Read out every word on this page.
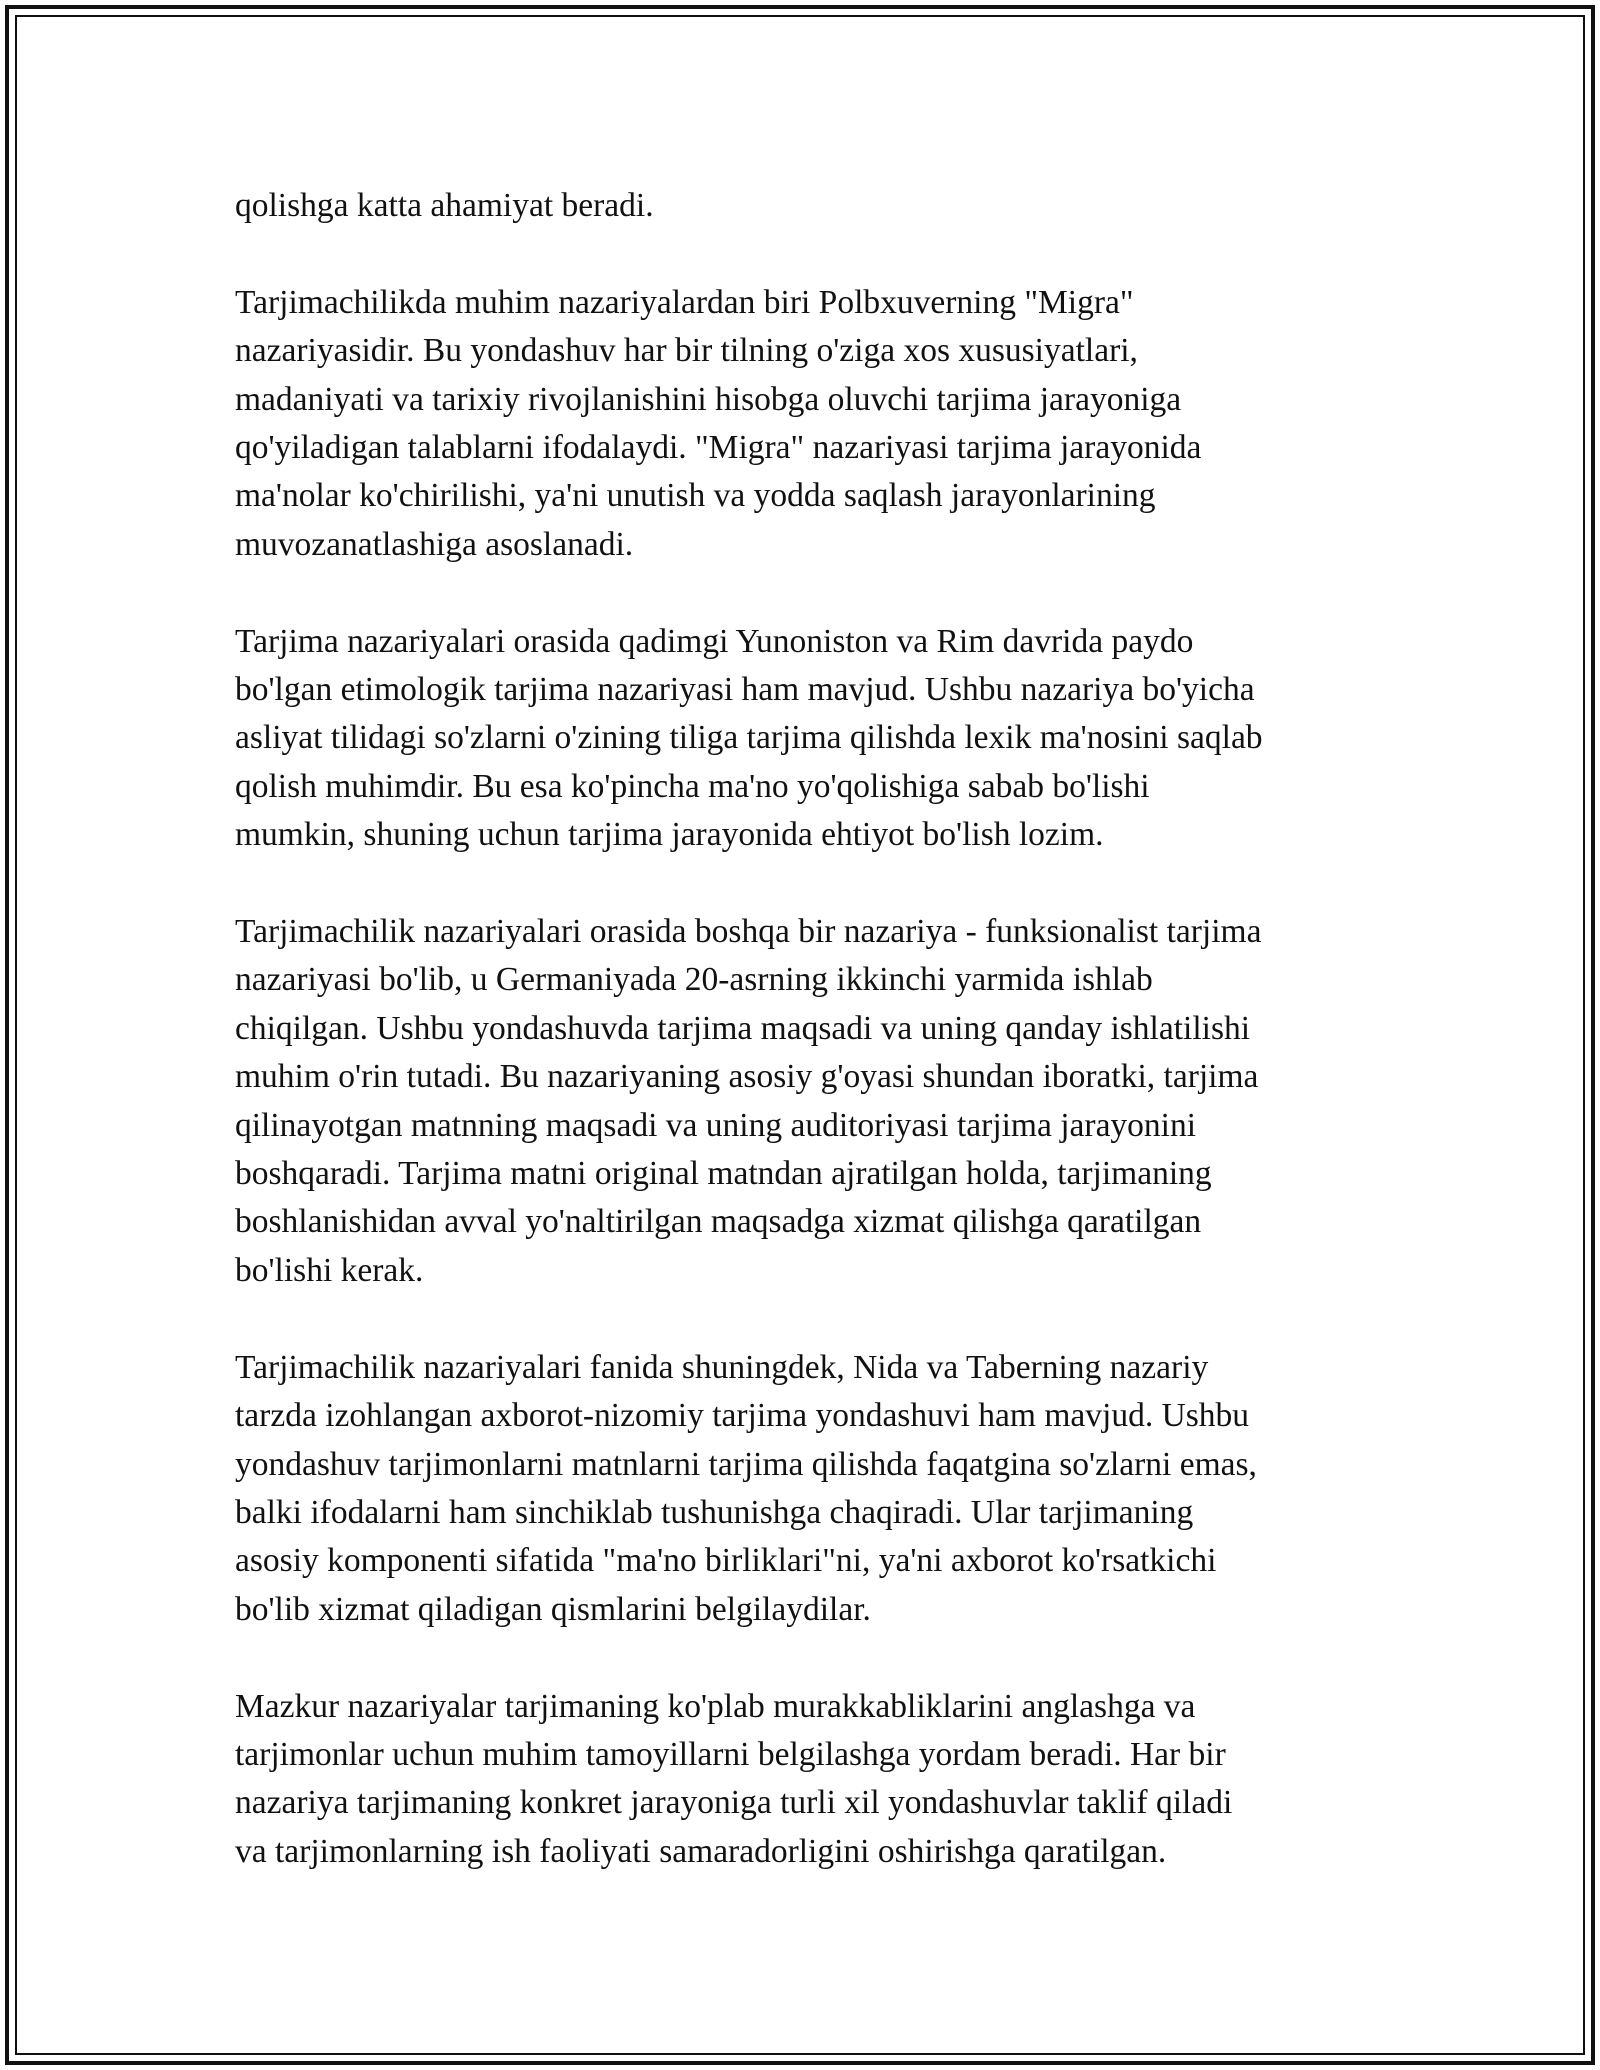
qolishga katta ahamiyat beradi.

Tarjimachilikda muhim nazariyalardan biri Polbxuverning "Migra"
nazariyasidir. Bu yondashuv har bir tilning o'ziga xos xususiyatlari,
madaniyati va tarixiy rivojlanishini hisobga oluvchi tarjima jarayoniga
qo'yiladigan talablarni ifodalaydi. "Migra" nazariyasi tarjima jarayonida
ma'nolar ko'chirilishi, ya'ni unutish va yodda saqlash jarayonlarining
muvozanatlashiga asoslanadi.

Tarjima nazariyalari orasida qadimgi Yunoniston va Rim davrida paydo
bo'lgan etimologik tarjima nazariyasi ham mavjud. Ushbu nazariya bo'yicha
asliyat tilidagi so'zlarni o'zining tiliga tarjima qilishda lexik ma'nosini saqlab
qolish muhimdir. Bu esa ko'pincha ma'no yo'qolishiga sabab bo'lishi
mumkin, shuning uchun tarjima jarayonida ehtiyot bo'lish lozim.

Tarjimachilik nazariyalari orasida boshqa bir nazariya - funksionalist tarjima
nazariyasi bo'lib, u Germaniyada 20-asrning ikkinchi yarmida ishlab
chiqilgan. Ushbu yondashuvda tarjima maqsadi va uning qanday ishlatilishi
muhim o'rin tutadi. Bu nazariyaning asosiy g'oyasi shundan iboratki, tarjima
qilinayotgan matnning maqsadi va uning auditoriyasi tarjima jarayonini
boshqaradi. Tarjima matni original matndan ajratilgan holda, tarjimaning
boshlanishidan avval yo'naltirilgan maqsadga xizmat qilishga qaratilgan
bo'lishi kerak.

Tarjimachilik nazariyalari fanida shuningdek, Nida va Taberning nazariy
tarzda izohlangan axborot-nizomiy tarjima yondashuvi ham mavjud. Ushbu
yondashuv tarjimonlarni matnlarni tarjima qilishda faqatgina so'zlarni emas,
balki ifodalarni ham sinchiklab tushunishga chaqiradi. Ular tarjimaning
asosiy komponenti sifatida "ma'no birliklari"ni, ya'ni axborot ko'rsatkichi
bo'lib xizmat qiladigan qismlarini belgilaydilar.

Mazkur nazariyalar tarjimaning ko'plab murakkabliklarini anglashga va
tarjimonlar uchun muhim tamoyillarni belgilashga yordam beradi. Har bir
nazariya tarjimaning konkret jarayoniga turli xil yondashuvlar taklif qiladi
va tarjimonlarning ish faoliyati samaradorligini oshirishga qaratilgan.
